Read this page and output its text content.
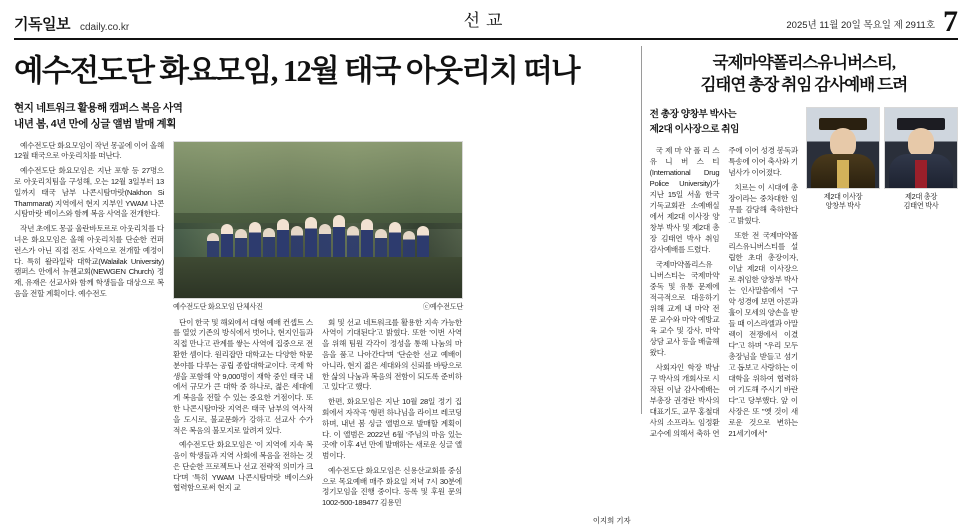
기독일보 cdaily.co.kr	선교	2025년 11월 20일 목요일 제 2911호 7
예수전도단 화요모임, 12월 태국 아웃리치 떠나
현지 네트워크 활용해 캠퍼스 복음 사역
내년 봄, 4년 만에 싱글 앨범 발매 계획

예수전도단 화요모임이 작년 몽골에 이어 올해 12월 태국으로 아웃리치를 떠난다.

예수전도단 화요모임은 지난 포항 등 27명으로 아웃리치팀을 구성해, 오는 12월 3일부터 13일까지 태국 남부 나콘시탐마랏(Nakhon Si Thammarat) 지역에서 현지 지부인 YWAM 나콘시탐마랏 베이스와 함께 복음 사역을 전개한다.

작년 초에도 몽골 울란바토르로 아웃리치를 다녀온 화요모임은 올해 아웃리치를 단순한 컨퍼런스가 아닌 직접 전도 사역으로 전개할 예정이다. 특히 왈라일락 대학교(Walailak University) 캠퍼스 안에서 뉴젠교회(NEWGEN Church) 정재, 유재은 선교사와 함께 학생들을 대상으로 복음을 전할 계획이다. 예수전도

예수전도단 화요모임 단체사진	ⓒ예수전도단

단이 한국 및 해외에서 대형 예배 컨셉트 스를 열었 기존의 방식에서 벗어나, 현지인들과 직접 만나고 관계를 쌓는 사역에 집중으로 전환한 셈이다. 원리잡만 대학교는 다양한 학문 분야를 다루는 공립 종합대학교이다. 국제 학생을 포함해 약 9,000명이 재학 중인 태국 내에서 규모가 큰 대학 중 하나로, 젊은 세대에게 복음을 전할 수 있는 중요한 거점이다. 또한 나콘시탐마랏 지역은 태국 남부의 역사적을 도시로, 불교문화가 강하고 선교사 수가 적은 복음의 불모지로 알려져 있다.

예수전도단 화요모임은 '이 지역에 지속 복음이 학생들과 지역 사회에 복음을 전하는 것은 단순한 프로젝트나 선교 전략적 의미가 크다'며 '특히 YWAM 나콘시탐마랏 베이스와 협력함으로써 현지 교

회 및 선교 네트워크를 활용한 지속 가능한 사역이 기대된다'고 밝혔다. 또한 '이번 사역을 위해 팀원 각각이 정성을 통해 나눔의 마음을 품고 나아간다'며 '단순한 선교 예배이 아니라, 현지 젊은 세대와의 신뢰를 바탕으로 한 삶의 나눔과 복음의 전함이 되도록 준비하고 있다'고 했다.

한편, 화요모임은 지난 10월 28일 정기 집회에서 자작곡 '형편 하나님을 라이브 레코딩하며, 내년 봄 싱글 앨범으로 발매할 계획이다. 이 앨범은 2022년 6월 '주님의 마음 있는 곳에' 이후 4년 만에 발매하는 새로운 싱글 앨범이다.

예수전도단 화요모임은 신용산교회를 중심으로 목요예배 매주 화요일 저녁 7시 30분에 정기모임을 진행 중이다. 등록 및 후원 문의 1002-500-189477 김용민

이지희 기자
국제마약폴리스유니버스티,
김태연 총장 취임 감사예배 드려
제2대 이사장
양창부 박사
제2대 총장
김태연 박사
전 총장 양창부 박사는
제2대 이사장으로 취임

국 제 마 약 폴 리 스 유 니 버 스 티 (International Drug Police University)가 지난 15일 서울 한국기독교회관 소예배실에서 제2대 이사장 양창부 박사 및 제2대 총장 김태연 박사 취임 감사예배를 드렸다.

국제마약폴리스유니버스티는 국제마약 중독 및 유통 문제에 적극적으로 대응하기 위해 교계 내 마약 전문 교수와 마약 예방교육 교수 및 강사, 마약 상담 교사 등을 배출해 왔다.

사회자인 학장 박남구 박사의 개회사로 시작된 이날 감사예배는 부총장 권경란 박사의 대표기도, 교무 홍철대사의 소프라노 임정환 교수에 의해서 축하 연주에 이어 성경 봉독과 특송에 이어 축사와 기념사가 이어졌다.

치르는 이 시대에 총장이라는 중차대한 임무를 감당해 축하한다고 밝혔다.

또한 전 국제마약폴리스유니버스티를 설립한 초대 총장이자, 이날 제2대 이사장으로 취임한 양창부 박사는 인사말씀에서 "구약 성경에 보면 아론과 훌이 모세의 양손을 받들 때 이스라엘과 아말렉이 전쟁에서 이겼다"고 하며 "우리 모두 총장님을 받들고 섬기고 돕보고 사랑하는 이 대학을 위하여 협력하여 기도해 주시기 바란다"고 당부했다. 앞 이사장은 또 "옛 것이 새로운 것으로 변하는 21세기에서"
